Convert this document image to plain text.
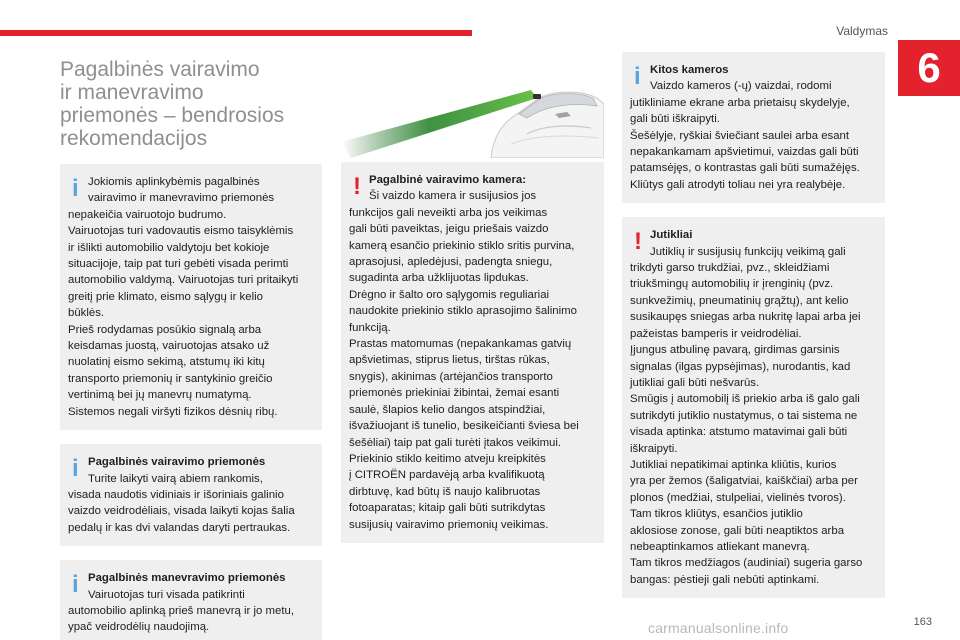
Valdymas
6
Pagalbinės vairavimo
ir manevravimo
priemonės – bendrosios
rekomendacijos
i Jokiomis aplinkybėmis pagalbinės
vairavimo ir manevravimo priemonės
nepakeičia vairuotojo budrumo.
Vairuotojas turi vadovautis eismo taisyklėmis
ir išlikti automobilio valdytoju bet kokioje
situacijoje, taip pat turi gebėti visada perimti
automobilio valdymą. Vairuotojas turi pritaikyti
greitį prie klimato, eismo sąlygų ir kelio
būklės.
Prieš rodydamas posūkio signalą arba
keisdamas juostą, vairuotojas atsako už
nuolatinį eismo sekimą, atstumų iki kitų
transporto priemonių ir santykinio greičio
vertinimą bei jų manevrų numatymą.
Sistemos negali viršyti fizikos dėsnių ribų.
i Pagalbinės vairavimo priemonės
Turite laikyti vairą abiem rankomis,
visada naudotis vidiniais ir išoriniais galinio
vaizdo veidrodėliais, visada laikyti kojas šalia
pedalų ir kas dvi valandas daryti pertraukas.
i Pagalbinės manevravimo priemonės
Vairuotojas turi visada patikrinti
automobilio aplinką prieš manevrą ir jo metu,
ypač veidrodėlių naudojimą.
! Pagalbinė vairavimo kamera:
Ši vaizdo kamera ir susijusios jos
funkcijos gali neveikti arba jos veikimas
gali būti paveiktas, jeigu priešais vaizdo
kamerą esančio priekinio stiklo sritis purvina,
aprasojusi, apledėjusi, padengta sniegu,
sugadinta arba užklijuotas lipdukas.
Drėgno ir šalto oro sąlygomis reguliariai
naudokite priekinio stiklo aprasojimo šalinimo
funkciją.
Prastas matomumas (nepakankamas gatvių
apšvietimas, stiprus lietus, tirštas rūkas,
snygis), akinimas (artėjančios transporto
priemonės priekiniai žibintai, žemai esanti
saulė, šlapios kelio dangos atspindžiai,
išvažiuojant iš tunelio, besikeičianti šviesa bei
šešėliai) taip pat gali turėti įtakos veikimui.
Priekinio stiklo keitimo atveju kreipkitės
į CITROËN pardavėją arba kvalifikuotą
dirbtuvę, kad būtų iš naujo kalibruotas
fotoaparatas; kitaip gali būti sutrikdytas
susijusių vairavimo priemonių veikimas.
i Kitos kameros
Vaizdo kameros (-ų) vaizdai, rodomi
jutikliniame ekrane arba prietaisų skydelyje,
gali būti iškraipyti.
Šešėlyje, ryškiai šviečiant saulei arba esant
nepakankamam apšvietimui, vaizdas gali būti
patamsėjęs, o kontrastas gali būti sumažėjęs.
Kliūtys gali atrodyti toliau nei yra realybėje.
! Jutikliai
Jutiklių ir susijusių funkcijų veikimą gali
trikdyti garso trukdžiai, pvz., skleidžiami
triukšmingų automobilių ir įrenginių (pvz.
sunkvežimių, pneumatinių grąžtų), ant kelio
susikaupęs sniegas arba nukritę lapai arba jei
pažeistas bamperis ir veidrodėliai.
Įjungus atbulinę pavarą, girdimas garsinis
signalas (ilgas pypsėjimas), nurodantis, kad
jutikliai gali būti nešvarūs.
Smūgis į automobilį iš priekio arba iš galo gali
sutrikdyti jutiklio nustatymus, o tai sistema ne
visada aptinka: atstumo matavimai gali būti
iškraipyti.
Jutikliai nepatikimai aptinka kliūtis, kurios
yra per žemos (šaligatviai, kaiškčiai) arba per
plonos (medžiai, stulpeliai, vielinės tvoros).
Tam tikros kliūtys, esančios jutiklio
aklosiose zonose, gali būti neaptiktos arba
nebeaptinkamos atliekant manevrą.
Tam tikros medžiagos (audiniai) sugeria garso
bangas: pėstieji gali nebūti aptinkami.
163
carmanualsonline.info
